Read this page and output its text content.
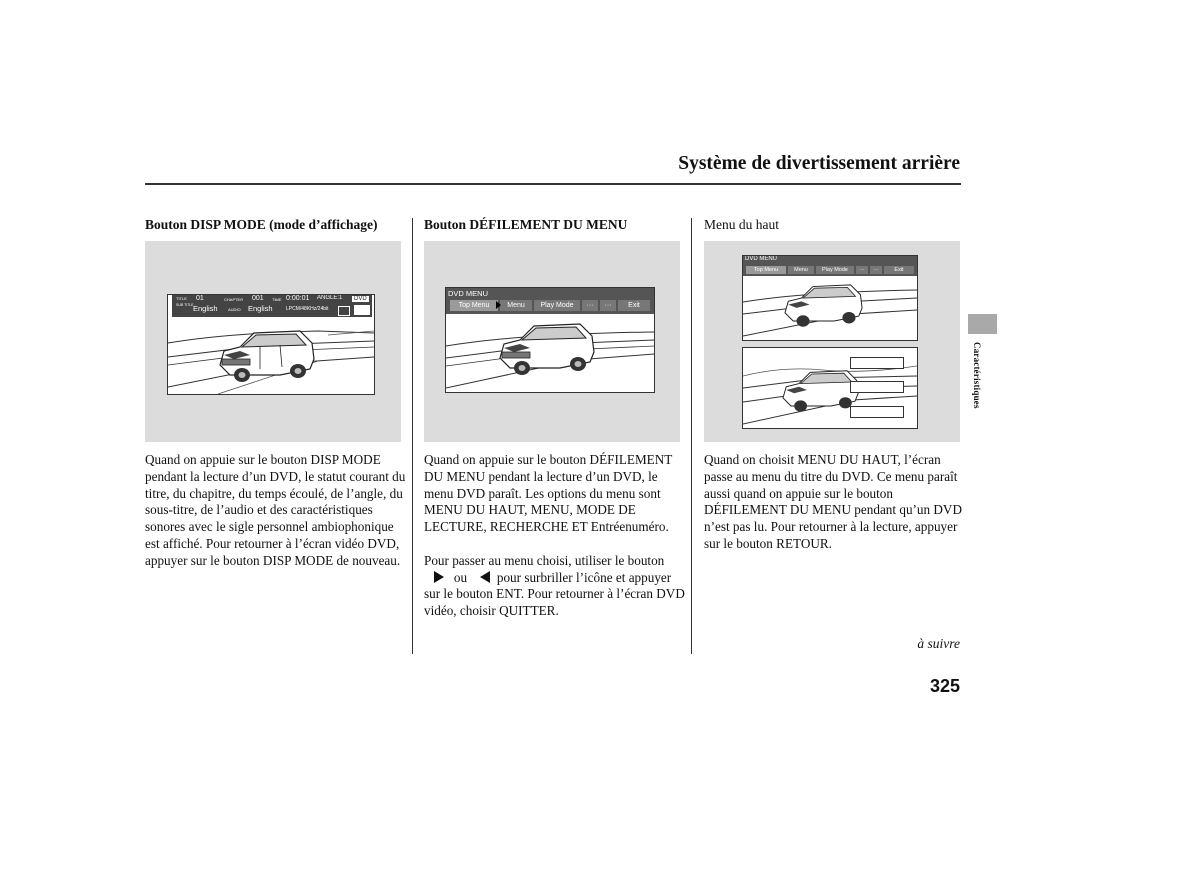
Système de divertissement arrière
Bouton DISP MODE (mode d’affichage)	Bouton DÉFILEMENT DU MENU	Menu du haut
TITLE 01	CHAPTER 001 TIME 0:00:01 ANGLE:1
SUB TITLE English	AUDIO English	LPCM/48KHz/24bit
DVD
DVD MENU
Top Menu	Menu	Play Mode	···	···	Exit
DVD MENU
Top Menu	Menu	Play Mode	···	···	Exit

Quand on appuie sur le bouton DISP MODE pendant la lecture d’un DVD, le statut courant du titre, du chapitre, du temps écoulé, de l’angle, du sous-titre, de l’audio et des caractéristiques sonores avec le sigle personnel ambiophonique est affiché. Pour retourner à l’écran vidéo DVD, appuyer sur le bouton DISP MODE de nouveau.

Quand on appuie sur le bouton DÉFILEMENT DU MENU pendant la lecture d’un DVD, le menu DVD paraît. Les options du menu sont MENU DU HAUT, MENU, MODE DE LECTURE, RECHERCHE ET Entréenuméro.

Pour passer au menu choisi, utiliser le bouton
ou pour surbriller l’icône et appuyer sur le bouton ENT. Pour retourner à l’écran DVD vidéo, choisir QUITTER.

Quand on choisit MENU DU HAUT, l’écran passe au menu du titre du DVD. Ce menu paraît aussi quand on appuie sur le bouton DÉFILEMENT DU MENU pendant qu’un DVD n’est pas lu. Pour retourner à la lecture, appuyer sur le bouton RETOUR.

Caractéristiques
à suivre
325
